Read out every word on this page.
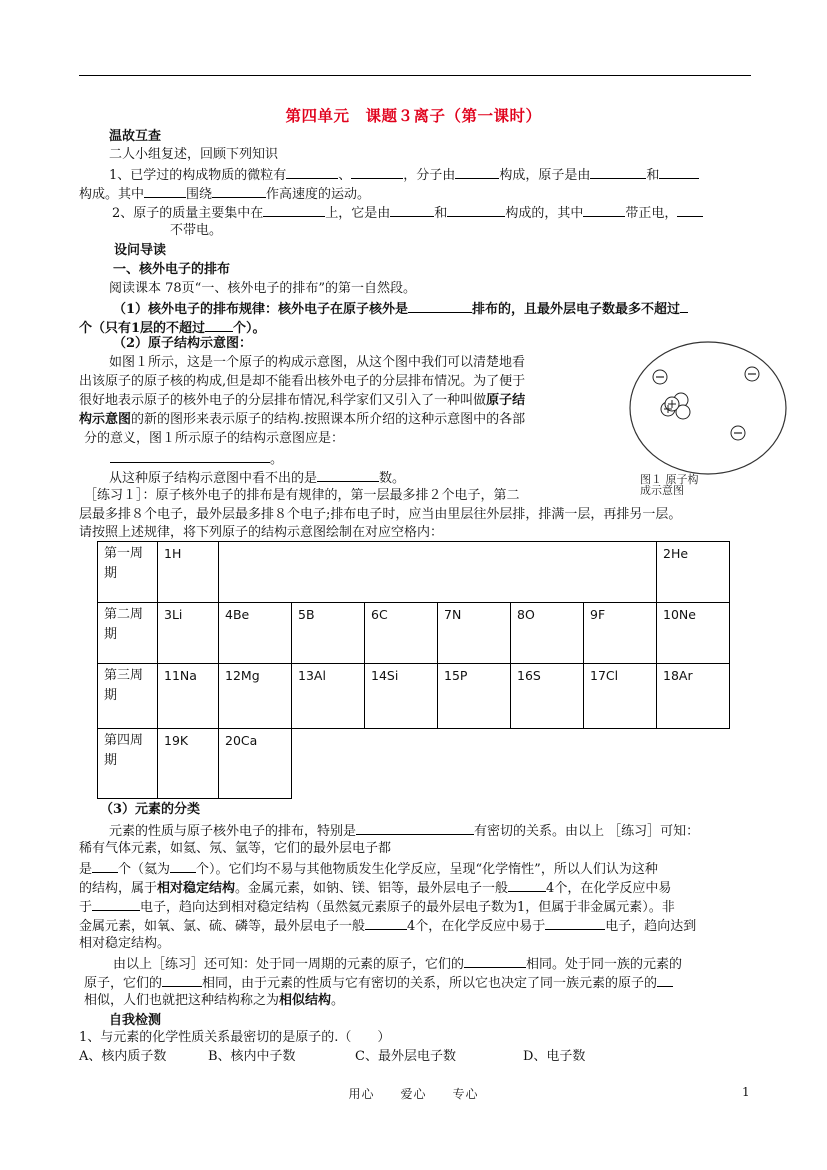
第四单元　课题３离子（第一课时）
温故互查
二人小组复述，回顾下列知识
1、已学过的构成物质的微粒有	、	，分子由	构成，原子是由	和
构成。其中	围绕	作高速度的运动。
2、原子的质量主要集中在	上，它是由	和	构成的，其中	带正电，
不带电。
设问导读
一、核外电子的排布
阅读课本 78页“一、核外电子的排布”的第一自然段。
（1）核外电子的排布规律：核外电子在原子核外是	排布的，且最外层电子数最多不超过
个（只有1层的不超过 个）。
（2）原子结构示意图：
如图１所示，这是一个原子的构成示意图，从这个图中我们可以清楚地看
出该原子的原子核的构成,但是却不能看出核外电子的分层排布情况。为了便于
很好地表示原子的核外电子的分层排布情况,科学家们又引入了一种叫做原子结
构示意图的新的图形来表示原子的结构.按照课本所介绍的这种示意图中的各部
分的意义，图１所示原子的结构示意图应是：
。
从这种原子结构示意图中看不出的是	数。
［练习１］：原子核外电子的排布是有规律的，第一层最多排２个电子，第二
层最多排８个电子，最外层最多排８个电子;排布电子时，应当由里层往外层排，排满一层，再排另一层。
请按照上述规律，将下列原子的结构示意图绘制在对应空格内：
图１ 原子构
成示意图
第一周期	1H							2He
第二周期	3Li	4Be	5B	6C	7N	8O	9F	10Ne
第三周期	11Na	12Mg	13Al	14Si	15P	16S	17Cl	18Ar
第四周期	19K	20Ca						
（3）元素的分类
元素的性质与原子核外电子的排布，特别是	有密切的关系。由以上 ［练习］可知：
稀有气体元素，如氦、氖、氩等，它们的最外层电子都
是 个（氦为 个）。它们均不易与其他物质发生化学反应，呈现“化学惰性”，所以人们认为这种
的结构，属于相对稳定结构。金属元素，如钠、镁、铝等，最外层电子一般	4个，在化学反应中易
于	电子，趋向达到相对稳定结构（虽然氦元素原子的最外层电子数为1，但属于非金属元素）。非
金属元素，如氧、氯、硫、磷等，最外层电子一般	4个，在化学反应中易于	电子，趋向达到
相对稳定结构。
由以上［练习］还可知：处于同一周期的元素的原子，它们的	相同。处于同一族的元素的
原子，它们的	相同，由于元素的性质与它有密切的关系，所以它也决定了同一族元素的原子的
相似，人们也就把这种结构称之为相似结构。
自我检测
1、与元素的化学性质关系最密切的是原子的.（　　）
A、核内质子数	B、核内中子数	C、最外层电子数	D、电子数
用心　　爱心　　专心	1
